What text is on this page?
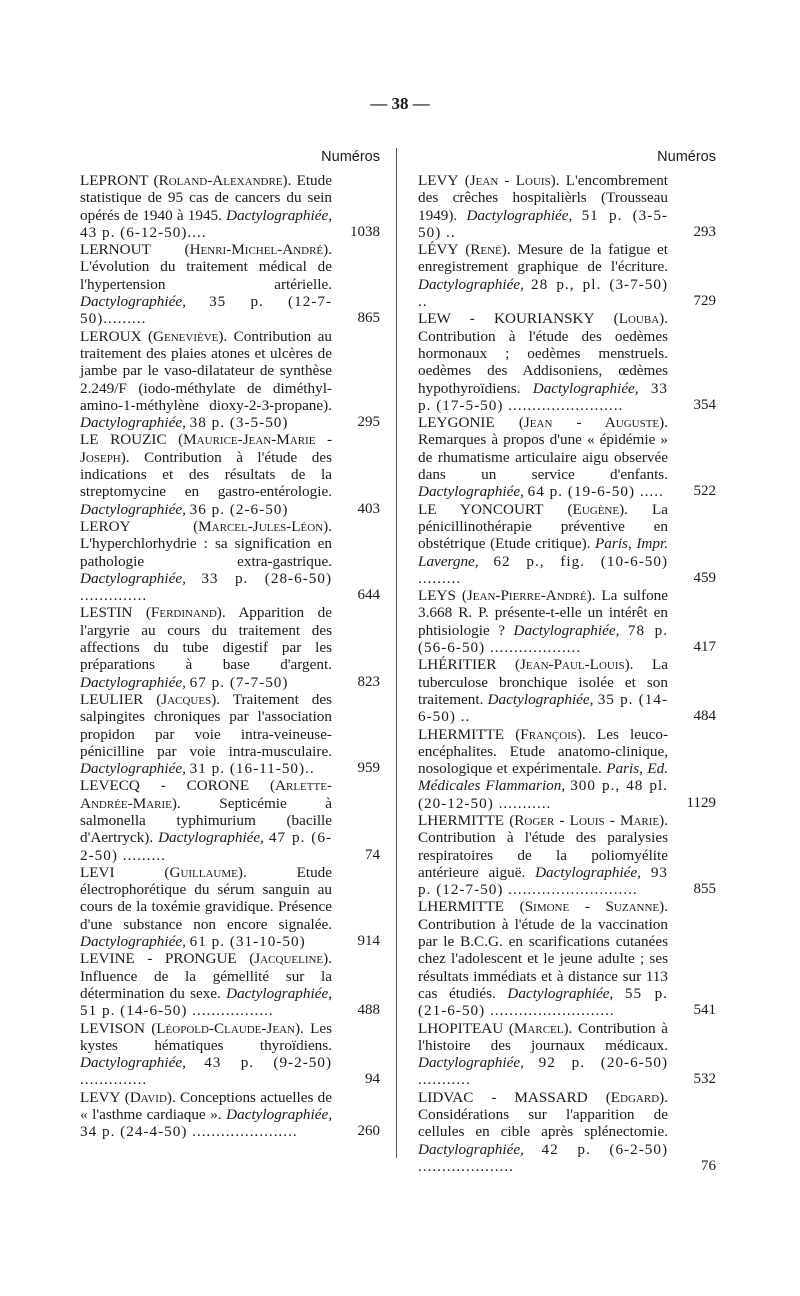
— 38 —
Numéros
LEPRONT (Roland-Alexandre). Etude statistique de 95 cas de cancers du sein opérés de 1940 à 1945. Dactylographiée, 43 p. (6-12-50)....	1038
LERNOUT (Henri-Michel-André). L'évolution du traitement médical de l'hypertension artérielle. Dactylographiée, 35 p. (12-7-50).........	865
LEROUX (Geneviève). Contribution au traitement des plaies atones et ulcères de jambe par le vaso-dilatateur de synthèse 2.249/F (iodo-méthylate de diméthyl-amino-1-méthylène dioxy-2-3-propane). Dactylographiée, 38 p. (3-5-50)	295
LE ROUZIC (Maurice-Jean-Marie - Joseph). Contribution à l'étude des indications et des résultats de la streptomycine en gastro-entérologie. Dactylographiée, 36 p. (2-6-50)	403
LEROY	(Marcel-Jules-Léon). L'hyperchlorhydrie : sa signification en pathologie extra-gastrique. Dactylographiée, 33 p. (28-6-50) ..............	644
LESTIN (Ferdinand). Apparition de l'argyrie au cours du traitement des affections du tube digestif par les préparations à base d'argent. Dactylographiée, 67 p. (7-7-50)	823
LEULIER (Jacques). Traitement des salpingites chroniques par l'association propidon par voie intra-veineuse-pénicilline par voie intra-musculaire. Dactylographiée, 31 p. (16-11-50)..	959
LEVECQ - CORONE (Arlette-Andrée-Marie).	Septicémie à salmonella typhimurium (bacille d'Aertryck). Dactylographiée, 47 p. (6-2-50) .........	74
LEVI	(Guillaume).	Etude électrophorétique du sérum sanguin au cours de la toxémie gravidique. Présence d'une substance non encore signalée. Dactylographiée, 61 p. (31-10-50)	914
LEVINE - PRONGUE (Jacqueline). Influence de la gémellité sur la détermination du sexe. Dactylographiée, 51 p. (14-6-50) .................	488
LEVISON (Léopold-Claude-Jean). Les kystes hématiques thyroïdiens. Dactylographiée, 43 p. (9-2-50) ..............	94
LEVY (David). Conceptions actuelles de « l'asthme cardiaque ». Dactylographiée, 34 p. (24-4-50) ......................	260
Numéros
LEVY (Jean - Louis). L'encombrement des crêches hospitalièrls (Trousseau 1949). Dactylographiée, 51 p. (3-5-50) ..	293
LÉVY (René). Mesure de la fatigue et enregistrement graphique de l'écriture. Dactylographiée, 28 p., pl. (3-7-50) ..	729
LEW - KOURIANSKY (Louba). Contribution à l'étude des oedèmes hormonaux ; oedèmes menstruels. oedèmes des Addisoniens, œdèmes hypothyroïdiens. Dactylographiée, 33 p. (17-5-50) ........................	354
LEYGONIE (Jean - Auguste). Remarques à propos d'une « épidémie » de rhumatisme articulaire aigu observée dans un service d'enfants. Dactylographiée, 64 p. (19-6-50) ..... 522
LE YONCOURT (Eugène). La pénicillinothérapie préventive en obstétrique (Etude critique). Paris, Impr. Lavergne, 62 p., fig. (10-6-50) .........	459
LEYS (Jean-Pierre-André). La sulfone 3.668 R. P. présente-t-elle un intérêt en phtisiologie ? Dactylographiée, 78 p. (56-6-50) ...................	417
LHÉRITIER (Jean-Paul-Louis). La tuberculose bronchique isolée et son traitement. Dactylographiée, 35 p. (14-6-50) ..	484
LHERMITTE (François). Les leuco-encéphalites. Etude anatomo-clinique, nosologique et expérimentale. Paris, Ed. Médicales Flammarion, 300 p., 48 pl. (20-12-50) ...........	1129
LHERMITTE (Roger - Louis - Marie). Contribution à l'étude des paralysies respiratoires de la poliomyélite antérieure aiguë. Dactylographiée, 93 p. (12-7-50) ...........................	855
LHERMITTE (Simone - Suzanne). Contribution à l'étude de la vaccination par le B.C.G. en scarifications cutanées chez l'adolescent et le jeune adulte ; ses résultats immédiats et à distance sur 113 cas étudiés. Dactylographiée, 55 p. (21-6-50) ..........................	541
LHOPITEAU (Marcel). Contribution à l'histoire des journaux médicaux. Dactylographiée, 92 p. (20-6-50) ...........	532
LIDVAC - MASSARD (Edgard). Considérations sur l'apparition de cellules en cible après splénectomie. Dactylographiée, 42 p. (6-2-50) ....................	76
